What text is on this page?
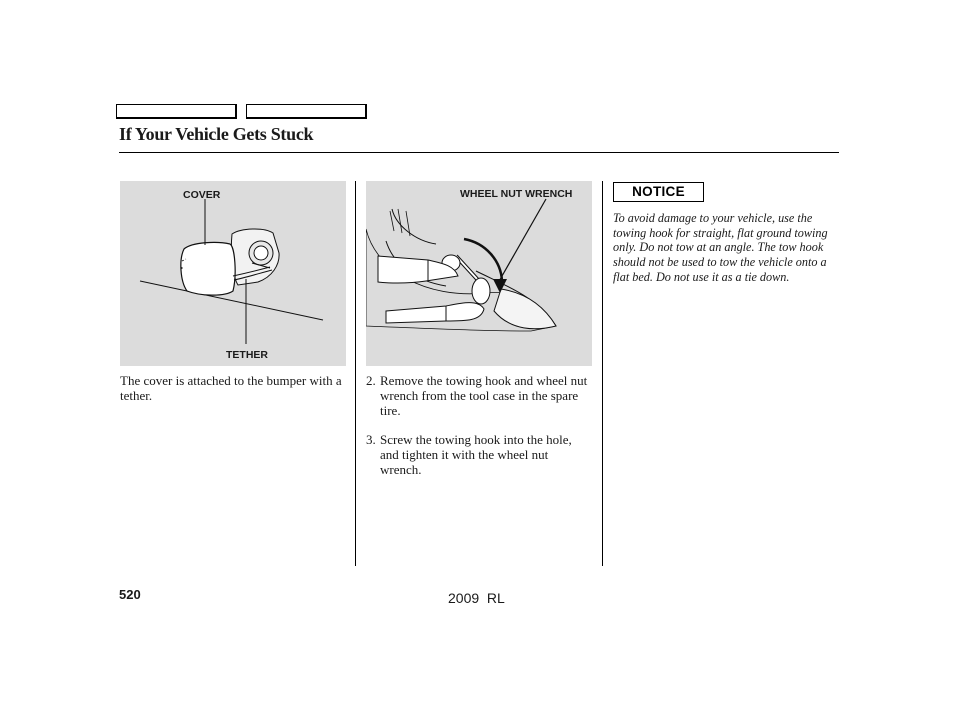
If Your Vehicle Gets Stuck
COVER
TETHER
WHEEL NUT WRENCH
The cover is attached to the bumper with a tether.
2. Remove the towing hook and wheel nut wrench from the tool case in the spare tire.
3. Screw the towing hook into the hole, and tighten it with the wheel nut wrench.
NOTICE
To avoid damage to your vehicle, use the towing hook for straight, flat ground towing only. Do not tow at an angle. The tow hook should not be used to tow the vehicle onto a flat bed. Do not use it as a tie down.
520	2009  RL
